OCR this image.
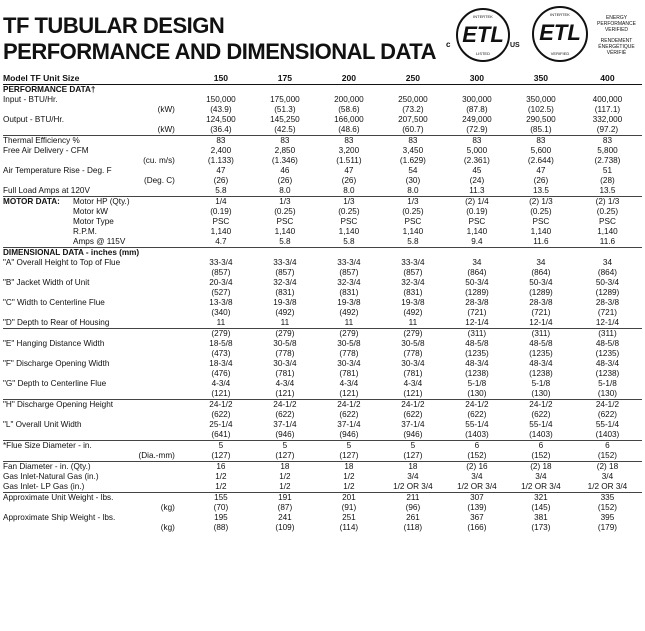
TF TUBULAR DESIGN
PERFORMANCE AND DIMENSIONAL DATA c
INTERTEK
ETL
LISTED
US
INTERTEK
ETL
VERIFIED
ENERGY PERFORMANCE VERIFIED
RENDEMENT ÉNERGÉTIQUE VÉRIFIÉ
Model TF Unit Size	150	175	200	250	300	350	400
PERFORMANCE DATA†							
Input - BTU/Hr.	150,000	175,000	200,000	250,000	300,000	350,000	400,000
(kW)	(43.9)	(51.3)	(58.6)	(73.2)	(87.8)	(102.5)	(117.1)
Output - BTU/Hr.	124,500	145,250	166,000	207,500	249,000	290,500	332,000
(kW)	(36.4)	(42.5)	(48.6)	(60.7)	(72.9)	(85.1)	(97.2)
Thermal Efficiency %	83	83	83	83	83	83	83
Free Air Delivery - CFM	2,400	2,850	3,200	3,450	5,000	5,600	5,800
(cu. m/s)	(1.133)	(1.346)	(1.511)	(1.629)	(2.361)	(2.644)	(2.738)
Air Temperature Rise - Deg. F	47	46	47	54	45	47	51
(Deg. C)	(26)	(26)	(26)	(30)	(24)	(26)	(28)
Full Load Amps at 120V	5.8	8.0	8.0	8.0	11.3	13.5	13.5
MOTOR DATA: Motor HP (Qty.)	1/4	1/3	1/3	1/3	(2) 1/4	(2) 1/3	(2) 1/3
Motor kW	(0.19)	(0.25)	(0.25)	(0.25)	(0.19)	(0.25)	(0.25)
Motor Type	PSC	PSC	PSC	PSC	PSC	PSC	PSC
R.P.M.	1,140	1,140	1,140	1,140	1,140	1,140	1,140
Amps @ 115V	4.7	5.8	5.8	5.8	9.4	11.6	11.6
DIMENSIONAL DATA - inches (mm)							
"A" Overall Height to Top of Flue	33-3/4	33-3/4	33-3/4	33-3/4	34	34	34
	(857)	(857)	(857)	(857)	(864)	(864)	(864)
"B" Jacket Width of Unit	20-3/4	32-3/4	32-3/4	32-3/4	50-3/4	50-3/4	50-3/4
	(527)	(831)	(831)	(831)	(1289)	(1289)	(1289)
"C" Width to Centerline Flue	13-3/8	19-3/8	19-3/8	19-3/8	28-3/8	28-3/8	28-3/8
	(340)	(492)	(492)	(492)	(721)	(721)	(721)
"D" Depth to Rear of Housing	11	11	11	11	12-1/4	12-1/4	12-1/4
	(279)	(279)	(279)	(279)	(311)	(311)	(311)
"E" Hanging Distance Width	18-5/8	30-5/8	30-5/8	30-5/8	48-5/8	48-5/8	48-5/8
	(473)	(778)	(778)	(778)	(1235)	(1235)	(1235)
"F" Discharge Opening Width	18-3/4	30-3/4	30-3/4	30-3/4	48-3/4	48-3/4	48-3/4
	(476)	(781)	(781)	(781)	(1238)	(1238)	(1238)
"G" Depth to Centerline Flue	4-3/4	4-3/4	4-3/4	4-3/4	5-1/8	5-1/8	5-1/8
	(121)	(121)	(121)	(121)	(130)	(130)	(130)
"H" Discharge Opening Height	24-1/2	24-1/2	24-1/2	24-1/2	24-1/2	24-1/2	24-1/2
	(622)	(622)	(622)	(622)	(622)	(622)	(622)
"L" Overall Unit Width	25-1/4	37-1/4	37-1/4	37-1/4	55-1/4	55-1/4	55-1/4
	(641)	(946)	(946)	(946)	(1403)	(1403)	(1403)
*Flue Size Diameter - in.	5	5	5	5	6	6	6
(Dia.-mm)	(127)	(127)	(127)	(127)	(152)	(152)	(152)
Fan Diameter - in. (Qty.)	16	18	18	18	(2) 16	(2) 18	(2) 18
Gas Inlet-Natural Gas (in.)	1/2	1/2	1/2	3/4	3/4	3/4	3/4
Gas Inlet- LP Gas (in.)	1/2	1/2	1/2	1/2 OR 3/4	1/2 OR 3/4	1/2 OR 3/4	1/2 OR 3/4
Approximate Unit Weight - lbs.	155	191	201	211	307	321	335
(kg)	(70)	(87)	(91)	(96)	(139)	(145)	(152)
Approximate Ship Weight - lbs.	195	241	251	261	367	381	395
(kg)	(88)	(109)	(114)	(118)	(166)	(173)	(179)
